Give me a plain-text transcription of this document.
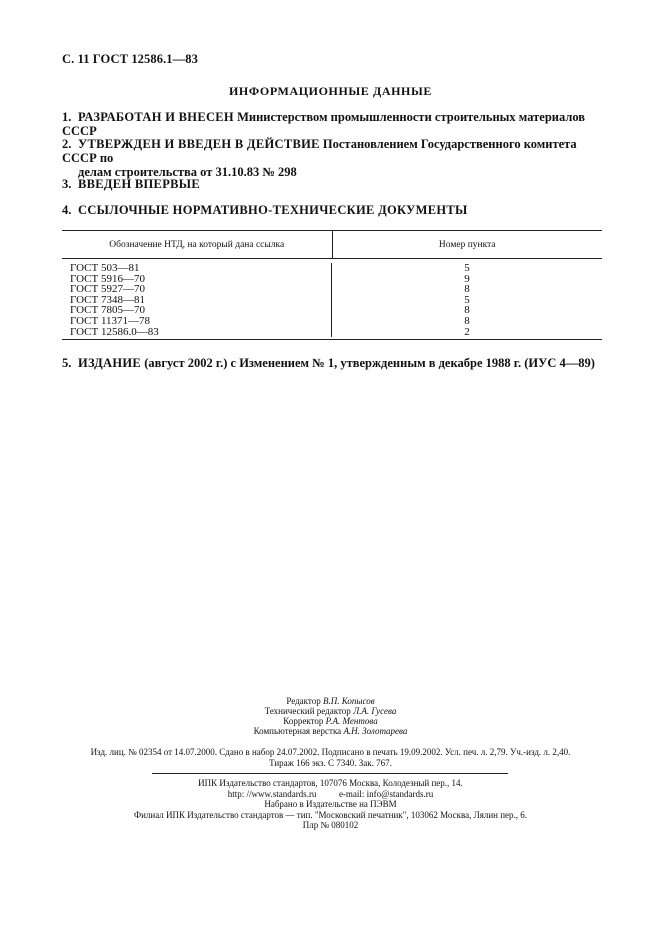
С. 11 ГОСТ 12586.1—83
ИНФОРМАЦИОННЫЕ ДАННЫЕ
1. РАЗРАБОТАН И ВНЕСЕН Министерством промышленности строительных материалов СССР
2. УТВЕРЖДЕН И ВВЕДЕН В ДЕЙСТВИЕ Постановлением Государственного комитета СССР по
делам строительства от 31.10.83 № 298
3. ВВЕДЕН ВПЕРВЫЕ
4. ССЫЛОЧНЫЕ НОРМАТИВНО-ТЕХНИЧЕСКИЕ ДОКУМЕНТЫ
Обозначение НТД, на который дана ссылка	Номер пункта
ГОСТ 503—81
ГОСТ 5916—70
ГОСТ 5927—70
ГОСТ 7348—81
ГОСТ 7805—70
ГОСТ 11371—78
ГОСТ 12586.0—83
5
9
8
5
8
8
2
5. ИЗДАНИЕ (август 2002 г.) с Изменением № 1, утвержденным в декабре 1988 г. (ИУС 4—89)
Редактор В.П. Копысов
Технический редактор Л.А. Гусева
Корректор Р.А. Ментова
Компьютерная верстка А.Н. Золотарева
Изд. лиц. № 02354 от 14.07.2000. Сдано в набор 24.07.2002. Подписано в печать 19.09.2002. Усл. печ. л. 2,79. Уч.-изд. л. 2,40.
Тираж 166 экз. С 7340. Зак. 767.
ИПК Издательство стандартов, 107076 Москва, Колодезный пер., 14.
http: //www.standards.ru	e-mail: info@standards.ru
Набрано в Издательстве на ПЭВМ
Филиал ИПК Издательство стандартов — тип. "Московский печатник", 103062 Москва, Лялин пер., 6.
Плр № 080102
